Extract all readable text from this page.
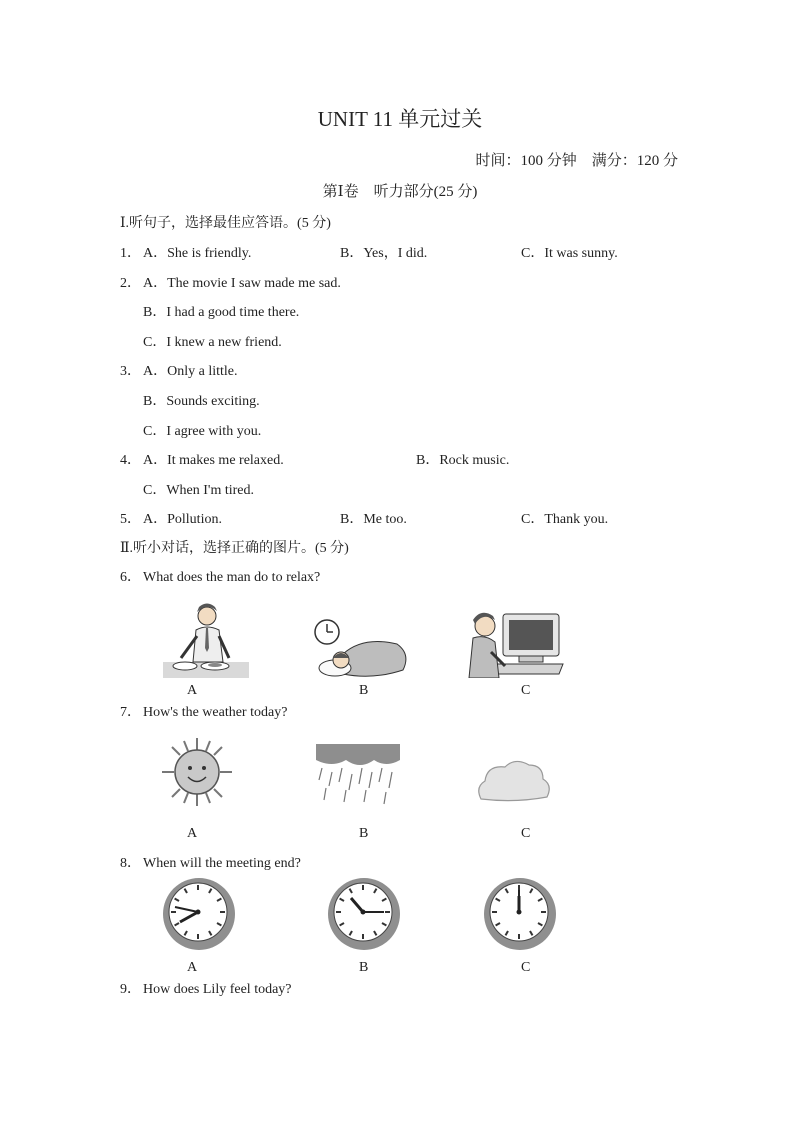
UNIT 11 单元过关
时间：100 分钟　满分：120 分
第Ⅰ卷　听力部分(25 分)
Ⅰ.听句子，选择最佳应答语。(5 分)
1． A．She is friendly.	B．Yes，I did.	C．It was sunny.
2． A．The movie I saw made me sad.
B．I had a good time there.
C．I knew a new friend.
3． A．Only a little.
B．Sounds exciting.
C．I agree with you.
4． A．It makes me relaxed.	B．Rock music.
C．When I'm tired.
5． A．Pollution.	B．Me too.	C．Thank you.
Ⅱ.听小对话，选择正确的图片。(5 分)
6． What does the man do to relax?
A	B	C
7． How's the weather today?
A	B	C
8． When will the meeting end?
A	B	C
9． How does Lily feel today?
